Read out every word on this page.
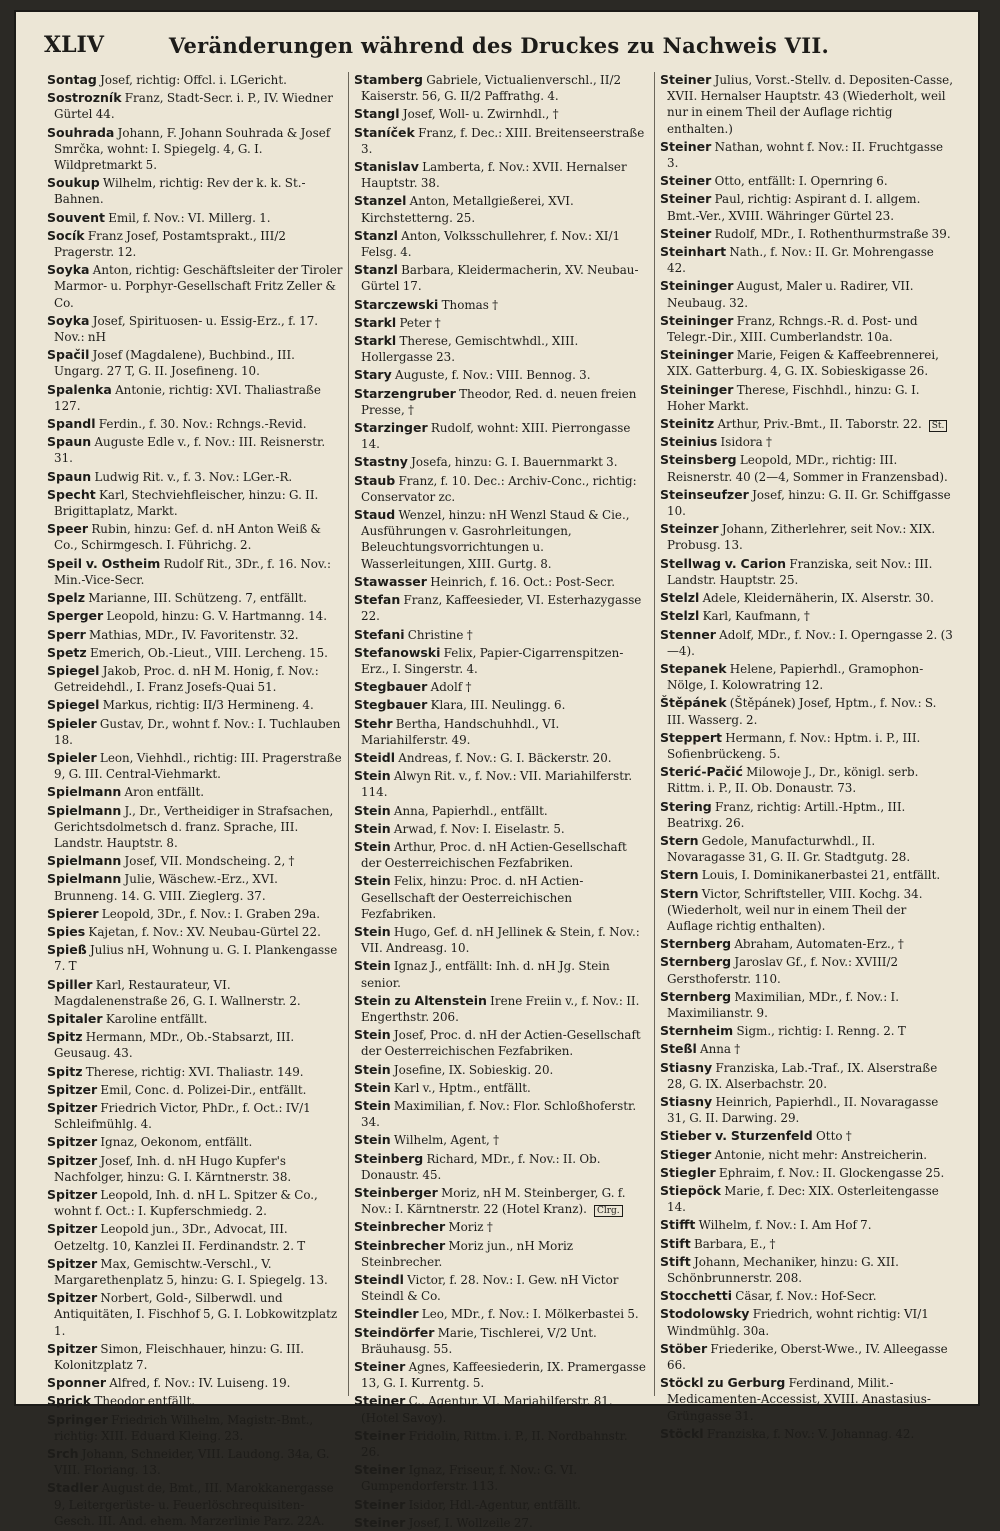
XLIV	Veränderungen während des Druckes zu Nachweis VII.
Sontag Josef, richtig: Offcl. i. LGericht.
Sostrozník Franz, Stadt-Secr. i. P., IV. Wiedner Gürtel 44.
Souhrada Johann, F. Johann Souhrada & Josef Smrčka, wohnt: I. Spiegelg. 4, G. I. Wildpretmarkt 5.
Soukup Wilhelm, richtig: Rev der k. k. St.-Bahnen.
Souvent Emil, f. Nov.: VI. Millerg. 1.
Socík Franz Josef, Postamtsprakt., III/2 Pragerstr. 12.
Soyka Anton, richtig: Geschäftsleiter der Tiroler Marmor- u. Porphyr-Gesellschaft Fritz Zeller & Co.
Soyka Josef, Spirituosen- u. Essig-Erz., f. 17. Nov.: nH
Spačil Josef (Magdalene), Buchbind., III. Ungarg. 27 T, G. II. Josefineng. 10.
Spalenka Antonie, richtig: XVI. Thaliastraße 127.
Spandl Ferdin., f. 30. Nov.: Rchngs.-Revid.
Spaun Auguste Edle v., f. Nov.: III. Reisnerstr. 31.
Spaun Ludwig Rit. v., f. 3. Nov.: LGer.-R.
Specht Karl, Stechviehfleischer, hinzu: G. II. Brigittaplatz, Markt.
Speer Rubin, hinzu: Gef. d. nH Anton Weiß & Co., Schirmgesch. I. Führichg. 2.
Speil v. Ostheim Rudolf Rit., 3Dr., f. 16. Nov.: Min.-Vice-Secr.
Spelz Marianne, III. Schützeng. 7, entfällt.
Sperger Leopold, hinzu: G. V. Hartmanng. 14.
Sperr Mathias, MDr., IV. Favoritenstr. 32.
Spetz Emerich, Ob.-Lieut., VIII. Lercheng. 15.
Spiegel Jakob, Proc. d. nH M. Honig, f. Nov.: Getreidehdl., I. Franz Josefs-Quai 51.
Spiegel Markus, richtig: II/3 Hermineng. 4.
Spieler Gustav, Dr., wohnt f. Nov.: I. Tuchlauben 18.
Spieler Leon, Viehhdl., richtig: III. Pragerstraße 9, G. III. Central-Viehmarkt.
Spielmann Aron entfällt.
Spielmann J., Dr., Vertheidiger in Strafsachen, Gerichtsdolmetsch d. franz. Sprache, III. Landstr. Hauptstr. 8.
Spielmann Josef, VII. Mondscheing. 2, †
Spielmann Julie, Wäschew.-Erz., XVI. Brunneng. 14. G. VIII. Zieglerg. 37.
Spierer Leopold, 3Dr., f. Nov.: I. Graben 29a.
Spies Kajetan, f. Nov.: XV. Neubau-Gürtel 22.
Spieß Julius nH, Wohnung u. G. I. Plankengasse 7. T
Spiller Karl, Restaurateur, VI. Magdalenenstraße 26, G. I. Wallnerstr. 2.
Spitaler Karoline entfällt.
Spitz Hermann, MDr., Ob.-Stabsarzt, III. Geusaug. 43.
Spitz Therese, richtig: XVI. Thaliastr. 149.
Spitzer Emil, Conc. d. Polizei-Dir., entfällt.
Spitzer Friedrich Victor, PhDr., f. Oct.: IV/1 Schleifmühlg. 4.
Spitzer Ignaz, Oekonom, entfällt.
Spitzer Josef, Inh. d. nH Hugo Kupfer's Nachfolger, hinzu: G. I. Kärntnerstr. 38.
Spitzer Leopold, Inh. d. nH L. Spitzer & Co., wohnt f. Oct.: I. Kupferschmiedg. 2.
Spitzer Leopold jun., 3Dr., Advocat, III. Oetzeltg. 10, Kanzlei II. Ferdinandstr. 2. T
Spitzer Max, Gemischtw.-Verschl., V. Margarethenplatz 5, hinzu: G. I. Spiegelg. 13.
Spitzer Norbert, Gold-, Silberwdl. und Antiquitäten, I. Fischhof 5, G. I. Lobkowitzplatz 1.
Spitzer Simon, Fleischhauer, hinzu: G. III. Kolonitzplatz 7.
Sponner Alfred, f. Nov.: IV. Luiseng. 19.
Sprick Theodor entfällt.
Springer Friedrich Wilhelm, Magistr.-Bmt., richtig: XIII. Eduard Kleing. 23.
Srch Johann, Schneider, VIII. Laudong. 34a, G. VIII. Floriang. 13.
Stadler August de, Bmt., III. Marokkanergasse 9, Leitergerüste- u. Feuerlöschrequisiten-Gesch. III. And. ehem. Marzerlinie Parz. 22A.
Stamberg Gabriele, Victualienverschl., II/2 Kaiserstr. 56, G. II/2 Paffrathg. 4.
Stangl Josef, Woll- u. Zwirnhdl., †
Staníček Franz, f. Dec.: XIII. Breitenseerstraße 3.
Stanislav Lamberta, f. Nov.: XVII. Hernalser Hauptstr. 38.
Stanzel Anton, Metallgießerei, XVI. Kirchstetterng. 25.
Stanzl Anton, Volksschullehrer, f. Nov.: XI/1 Felsg. 4.
Stanzl Barbara, Kleidermacherin, XV. Neubau-Gürtel 17.
Starczewski Thomas †
Starkl Peter †
Starkl Therese, Gemischtwhdl., XIII. Hollergasse 23.
Stary Auguste, f. Nov.: VIII. Bennog. 3.
Starzengruber Theodor, Red. d. neuen freien Presse, †
Starzinger Rudolf, wohnt: XIII. Pierrongasse 14.
Stastny Josefa, hinzu: G. I. Bauernmarkt 3.
Staub Franz, f. 10. Dec.: Archiv-Conc., richtig: Conservator zc.
Staud Wenzel, hinzu: nH Wenzl Staud & Cie., Ausführungen v. Gasrohrleitungen, Beleuchtungsvorrichtungen u. Wasserleitungen, XIII. Gurtg. 8.
Stawasser Heinrich, f. 16. Oct.: Post-Secr.
Stefan Franz, Kaffeesieder, VI. Esterhazygasse 22.
Stefani Christine †
Stefanowski Felix, Papier-Cigarrenspitzen-Erz., I. Singerstr. 4.
Stegbauer Adolf †
Stegbauer Klara, III. Neulingg. 6.
Stehr Bertha, Handschuhhdl., VI. Mariahilferstr. 49.
Steidl Andreas, f. Nov.: G. I. Bäckerstr. 20.
Stein Alwyn Rit. v., f. Nov.: VII. Mariahilferstr. 114.
Stein Anna, Papierhdl., entfällt.
Stein Arwad, f. Nov: I. Eiselastr. 5.
Stein Arthur, Proc. d. nH Actien-Gesellschaft der Oesterreichischen Fezfabriken.
Stein Felix, hinzu: Proc. d. nH Actien-Gesellschaft der Oesterreichischen Fezfabriken.
Stein Hugo, Gef. d. nH Jellinek & Stein, f. Nov.: VII. Andreasg. 10.
Stein Ignaz J., entfällt: Inh. d. nH Jg. Stein senior.
Stein zu Altenstein Irene Freiin v., f. Nov.: II. Engerthstr. 206.
Stein Josef, Proc. d. nH der Actien-Gesellschaft der Oesterreichischen Fezfabriken.
Stein Josefine, IX. Sobieskig. 20.
Stein Karl v., Hptm., entfällt.
Stein Maximilian, f. Nov.: Flor. Schloßhoferstr. 34.
Stein Wilhelm, Agent, †
Steinberg Richard, MDr., f. Nov.: II. Ob. Donaustr. 45.
Steinberger Moriz, nH M. Steinberger, G. f. Nov.: I. Kärntnerstr. 22 (Hotel Kranz). Clrg.
Steinbrecher Moriz †
Steinbrecher Moriz jun., nH Moriz Steinbrecher.
Steindl Victor, f. 28. Nov.: I. Gew. nH Victor Steindl & Co.
Steindler Leo, MDr., f. Nov.: I. Mölkerbastei 5.
Steindörfer Marie, Tischlerei, V/2 Unt. Bräuhausg. 55.
Steiner Agnes, Kaffeesiederin, IX. Pramergasse 13, G. I. Kurrentg. 5.
Steiner C., Agentur, VI. Mariahilferstr. 81. (Hotel Savoy).
Steiner Fridolin, Rittm. i. P., II. Nordbahnstr. 26.
Steiner Ignaz, Friseur, f. Nov.: G. VI. Gumpendorferstr. 113.
Steiner Isidor, Hdl.-Agentur, entfällt.
Steiner Josef, I. Wollzeile 27.
Steiner Julius, Vorst.-Stellv. d. Depositen-Casse, XVII. Hernalser Hauptstr. 43 (Wiederholt, weil nur in einem Theil der Auflage richtig enthalten.)
Steiner Nathan, wohnt f. Nov.: II. Fruchtgasse 3.
Steiner Otto, entfällt: I. Opernring 6.
Steiner Paul, richtig: Aspirant d. I. allgem. Bmt.-Ver., XVIII. Währinger Gürtel 23.
Steiner Rudolf, MDr., I. Rothenthurmstraße 39.
Steinhart Nath., f. Nov.: II. Gr. Mohrengasse 42.
Steininger August, Maler u. Radirer, VII. Neubaug. 32.
Steininger Franz, Rchngs.-R. d. Post- und Telegr.-Dir., XIII. Cumberlandstr. 10a.
Steininger Marie, Feigen & Kaffeebrennerei, XIX. Gatterburg. 4, G. IX. Sobieskigasse 26.
Steininger Therese, Fischhdl., hinzu: G. I. Hoher Markt.
Steinitz Arthur, Priv.-Bmt., II. Taborstr. 22. St.
Steinius Isidora †
Steinsberg Leopold, MDr., richtig: III. Reisnerstr. 40 (2—4, Sommer in Franzensbad).
Steinseufzer Josef, hinzu: G. II. Gr. Schiffgasse 10.
Steinzer Johann, Zitherlehrer, seit Nov.: XIX. Probusg. 13.
Stellwag v. Carion Franziska, seit Nov.: III. Landstr. Hauptstr. 25.
Stelzl Adele, Kleidernäherin, IX. Alserstr. 30.
Stelzl Karl, Kaufmann, †
Stenner Adolf, MDr., f. Nov.: I. Operngasse 2. (3—4).
Stepanek Helene, Papierhdl., Gramophon-Nölge, I. Kolowratring 12.
Štěpánek (Štěpánek) Josef, Hptm., f. Nov.: S. III. Wasserg. 2.
Steppert Hermann, f. Nov.: Hptm. i. P., III. Sofienbrückeng. 5.
Sterić-Pačić Milowoje J., Dr., königl. serb. Rittm. i. P., II. Ob. Donaustr. 73.
Stering Franz, richtig: Artill.-Hptm., III. Beatrixg. 26.
Stern Gedole, Manufacturwhdl., II. Novaragasse 31, G. II. Gr. Stadtgutg. 28.
Stern Louis, I. Dominikanerbastei 21, entfällt.
Stern Victor, Schriftsteller, VIII. Kochg. 34. (Wiederholt, weil nur in einem Theil der Auflage richtig enthalten).
Sternberg Abraham, Automaten-Erz., †
Sternberg Jaroslav Gf., f. Nov.: XVIII/2 Gersthoferstr. 110.
Sternberg Maximilian, MDr., f. Nov.: I. Maximilianstr. 9.
Sternheim Sigm., richtig: I. Renng. 2. T
Steßl Anna †
Stiasny Franziska, Lab.-Traf., IX. Alserstraße 28, G. IX. Alserbachstr. 20.
Stiasny Heinrich, Papierhdl., II. Novaragasse 31, G. II. Darwing. 29.
Stieber v. Sturzenfeld Otto †
Stieger Antonie, nicht mehr: Anstreicherin.
Stiegler Ephraim, f. Nov.: II. Glockengasse 25.
Stiepöck Marie, f. Dec: XIX. Osterleitengasse 14.
Stifft Wilhelm, f. Nov.: I. Am Hof 7.
Stift Barbara, E., †
Stift Johann, Mechaniker, hinzu: G. XII. Schönbrunnerstr. 208.
Stocchetti Cäsar, f. Nov.: Hof-Secr.
Stodolowsky Friedrich, wohnt richtig: VI/1 Windmühlg. 30a.
Stöber Friederike, Oberst-Wwe., IV. Alleegasse 66.
Stöckl zu Gerburg Ferdinand, Milit.-Medicamenten-Accessist, XVIII. Anastasius-Grüngasse 31.
Stöckl Franziska, f. Nov.: V. Johannag. 42.
